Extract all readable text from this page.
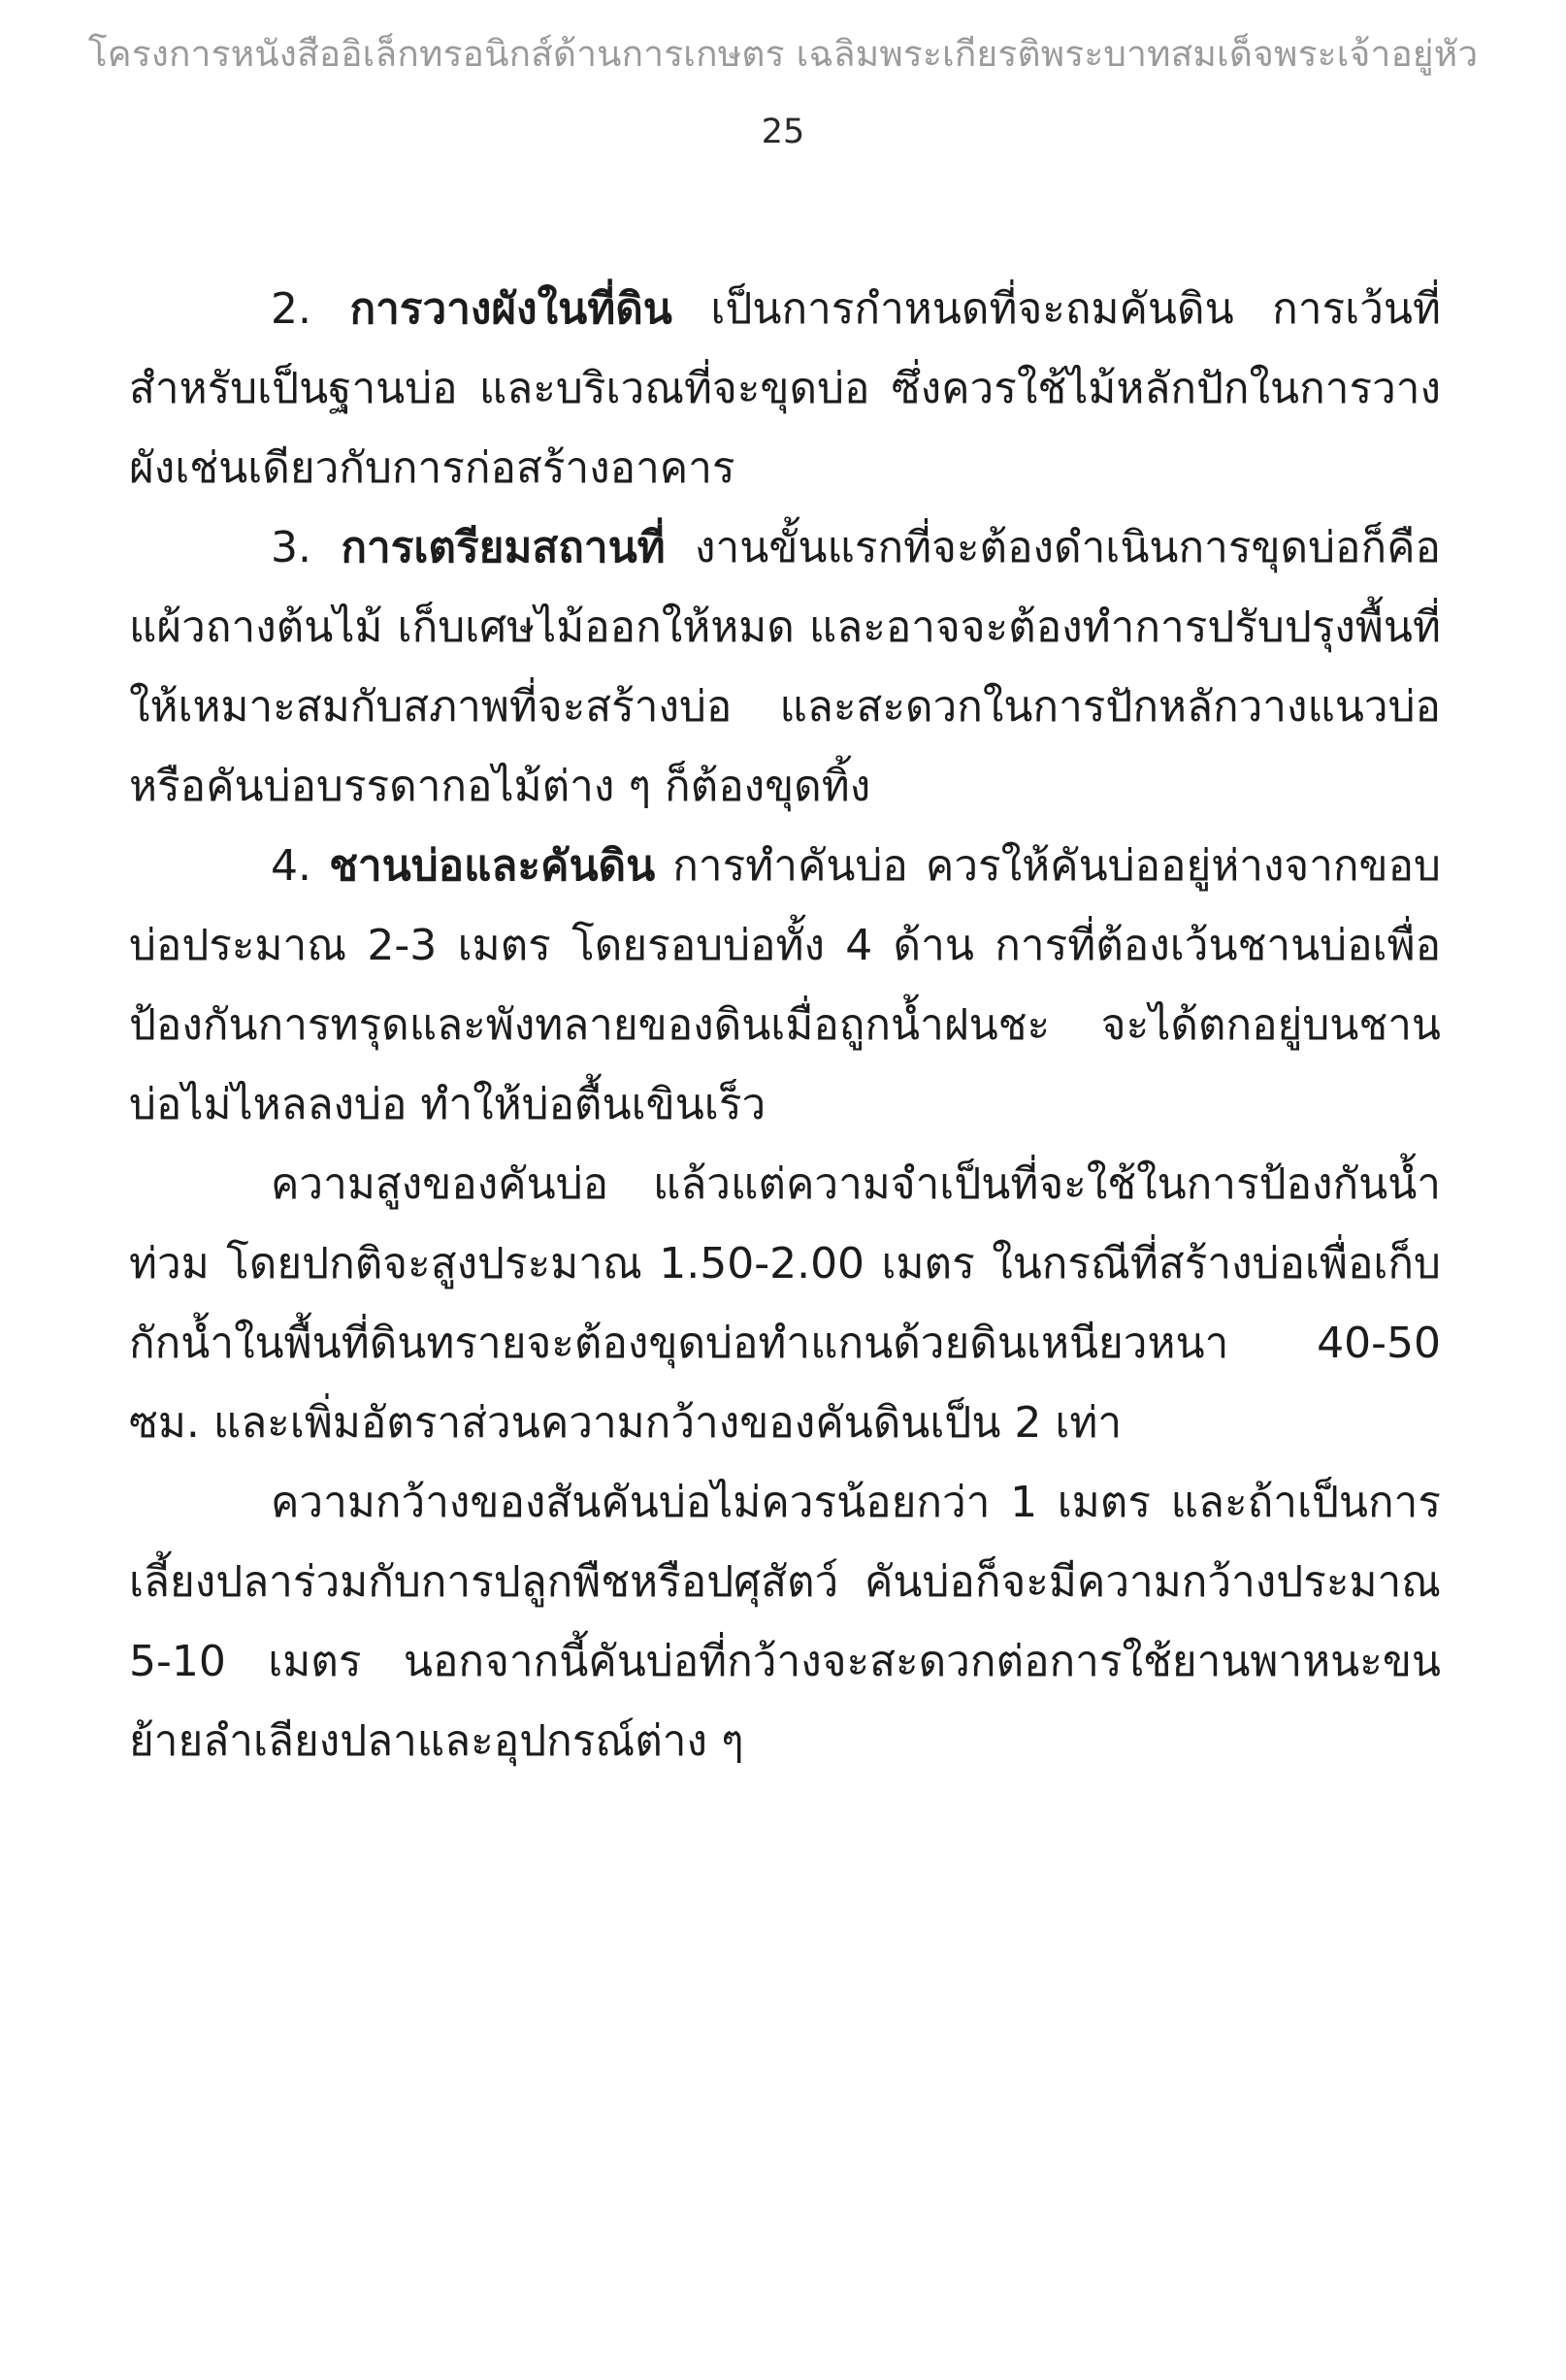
โครงการหนังสืออิเล็กทรอนิกส์ด้านการเกษตร เฉลิมพระเกียรติพระบาทสมเด็จพระเจ้าอยู่หัว
25

2. การวางผังในที่ดิน เป็นการกำหนดที่จะถมคันดิน การเว้นที่สำหรับเป็นฐานบ่อ และบริเวณที่จะขุดบ่อ ซึ่งควรใช้ไม้หลักปักในการวางผังเช่นเดียวกับการก่อสร้างอาคาร

3. การเตรียมสถานที่ งานขั้นแรกที่จะต้องดำเนินการขุดบ่อก็คือแผ้วถางต้นไม้ เก็บเศษไม้ออกให้หมด และอาจจะต้องทำการปรับปรุงพื้นที่ให้เหมาะสมกับสภาพที่จะสร้างบ่อ และสะดวกในการปักหลักวางแนวบ่อหรือคันบ่อบรรดากอไม้ต่าง ๆ ก็ต้องขุดทิ้ง

4. ชานบ่อและคันดิน การทำคันบ่อ ควรให้คันบ่ออยู่ห่างจากขอบบ่อประมาณ 2-3 เมตร โดยรอบบ่อทั้ง 4 ด้าน การที่ต้องเว้นชานบ่อเพื่อป้องกันการทรุดและพังทลายของดินเมื่อถูกน้ำฝนชะ จะได้ตกอยู่บนชานบ่อไม่ไหลลงบ่อ ทำให้บ่อตื้นเขินเร็ว

ความสูงของคันบ่อ แล้วแต่ความจำเป็นที่จะใช้ในการป้องกันน้ำท่วม โดยปกติจะสูงประมาณ 1.50-2.00 เมตร ในกรณีที่สร้างบ่อเพื่อเก็บกักน้ำในพื้นที่ดินทรายจะต้องขุดบ่อทำแกนด้วยดินเหนียวหนา 40-50 ซม. และเพิ่มอัตราส่วนความกว้างของคันดินเป็น 2 เท่า

ความกว้างของสันคันบ่อไม่ควรน้อยกว่า 1 เมตร และถ้าเป็นการเลี้ยงปลาร่วมกับการปลูกพืชหรือปศุสัตว์ คันบ่อก็จะมีความกว้างประมาณ 5-10 เมตร นอกจากนี้คันบ่อที่กว้างจะสะดวกต่อการใช้ยานพาหนะขนย้ายลำเลียงปลาและอุปกรณ์ต่าง ๆ
